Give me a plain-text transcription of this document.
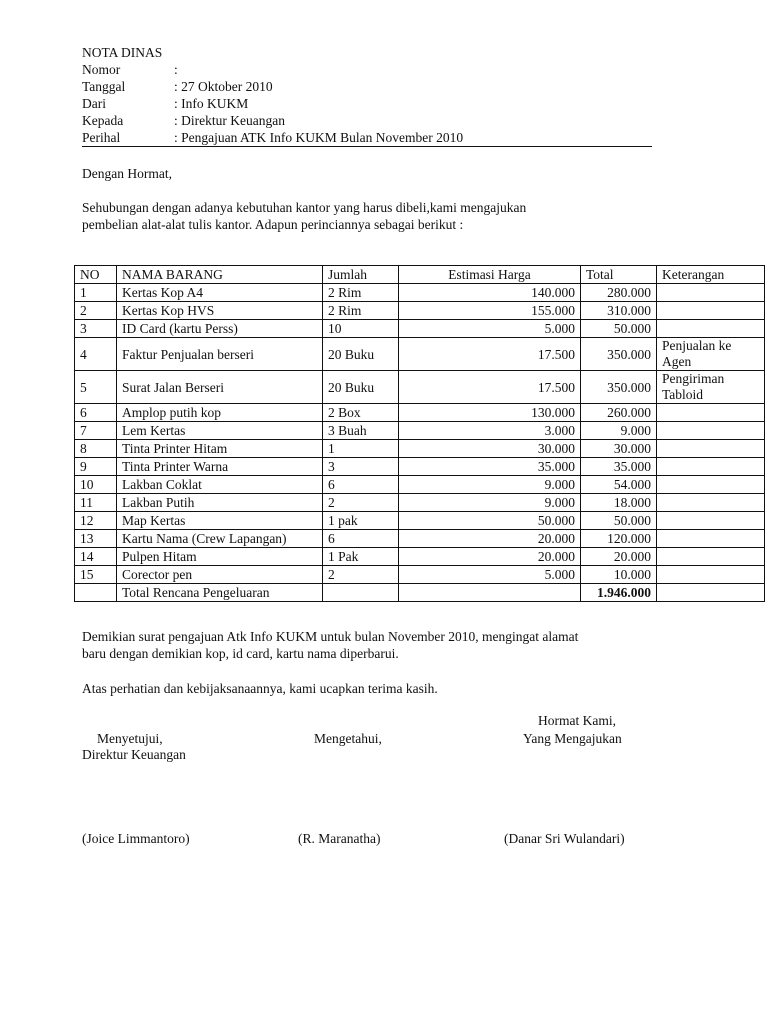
NOTA DINAS
Nomor	:
Tanggal	: 27 Oktober 2010
Dari	: Info KUKM
Kepada	: Direktur Keuangan
Perihal	: Pengajuan ATK Info KUKM Bulan November 2010
Dengan Hormat,
Sehubungan dengan adanya kebutuhan kantor yang harus dibeli,kami mengajukan
pembelian alat-alat tulis kantor. Adapun perinciannya sebagai berikut :
NO	NAMA BARANG	Jumlah	Estimasi Harga	Total	Keterangan
1	Kertas Kop A4	2 Rim	140.000	280.000	
2	Kertas Kop HVS	2 Rim	155.000	310.000	
3	ID Card (kartu Perss)	10	5.000	50.000	
4	Faktur Penjualan berseri	20 Buku	17.500	350.000	Penjualan ke Agen
5	Surat Jalan Berseri	20 Buku	17.500	350.000	Pengiriman Tabloid
6	Amplop putih kop	2 Box	130.000	260.000	
7	Lem Kertas	3 Buah	3.000	9.000	
8	Tinta Printer Hitam	1	30.000	30.000	
9	Tinta Printer Warna	3	35.000	35.000	
10	Lakban Coklat	6	9.000	54.000	
11	Lakban Putih	2	9.000	18.000	
12	Map Kertas	1 pak	50.000	50.000	
13	Kartu Nama (Crew Lapangan)	6	20.000	120.000	
14	Pulpen Hitam	1 Pak	20.000	20.000	
15	Corector pen	2	5.000	10.000	
	Total Rencana Pengeluaran			1.946.000	
Demikian surat pengajuan Atk Info KUKM untuk bulan November 2010, mengingat alamat
baru dengan demikian kop, id card, kartu nama diperbarui.
Atas perhatian dan kebijaksanaannya, kami ucapkan terima kasih.
Hormat Kami,
Menyetujui,	Mengetahui,	Yang Mengajukan
Direktur Keuangan
(Joice Limmantoro)	(R. Maranatha)	(Danar Sri Wulandari)
